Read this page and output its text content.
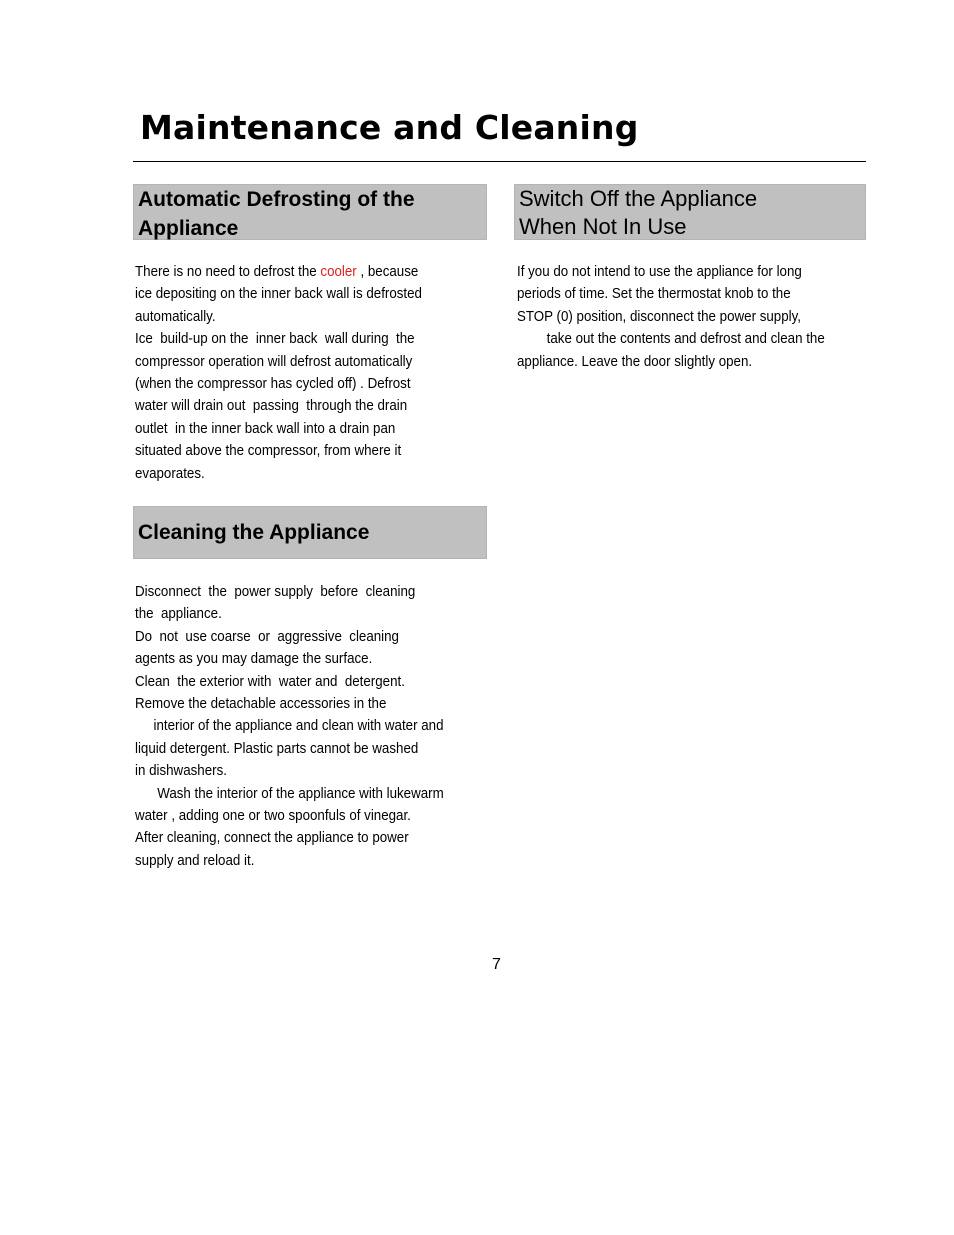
Maintenance and Cleaning
Automatic Defrosting of the
Appliance
There is no need to defrost the cooler , because
ice depositing on the inner back wall is defrosted
automatically.
Ice  build-up on the  inner back  wall during  the
compressor operation will defrost automatically
(when the compressor has cycled off) . Defrost
water will drain out  passing  through the drain
outlet  in the inner back wall into a drain pan
situated above the compressor, from where it
evaporates.
Cleaning the Appliance
Disconnect  the  power supply  before  cleaning
the  appliance.
Do  not  use coarse  or  aggressive  cleaning
agents as you may damage the surface.
Clean  the exterior with  water and  detergent.
Remove the detachable accessories in the
interior of the appliance and clean with water and
liquid detergent. Plastic parts cannot be washed
in dishwashers.
Wash the interior of the appliance with lukewarm
water , adding one or two spoonfuls of vinegar.
After cleaning, connect the appliance to power
supply and reload it.
Switch Off the Appliance
When Not In Use
If you do not intend to use the appliance for long
periods of time. Set the thermostat knob to the
STOP (0) position, disconnect the power supply,
take out the contents and defrost and clean the
appliance. Leave the door slightly open.
7
